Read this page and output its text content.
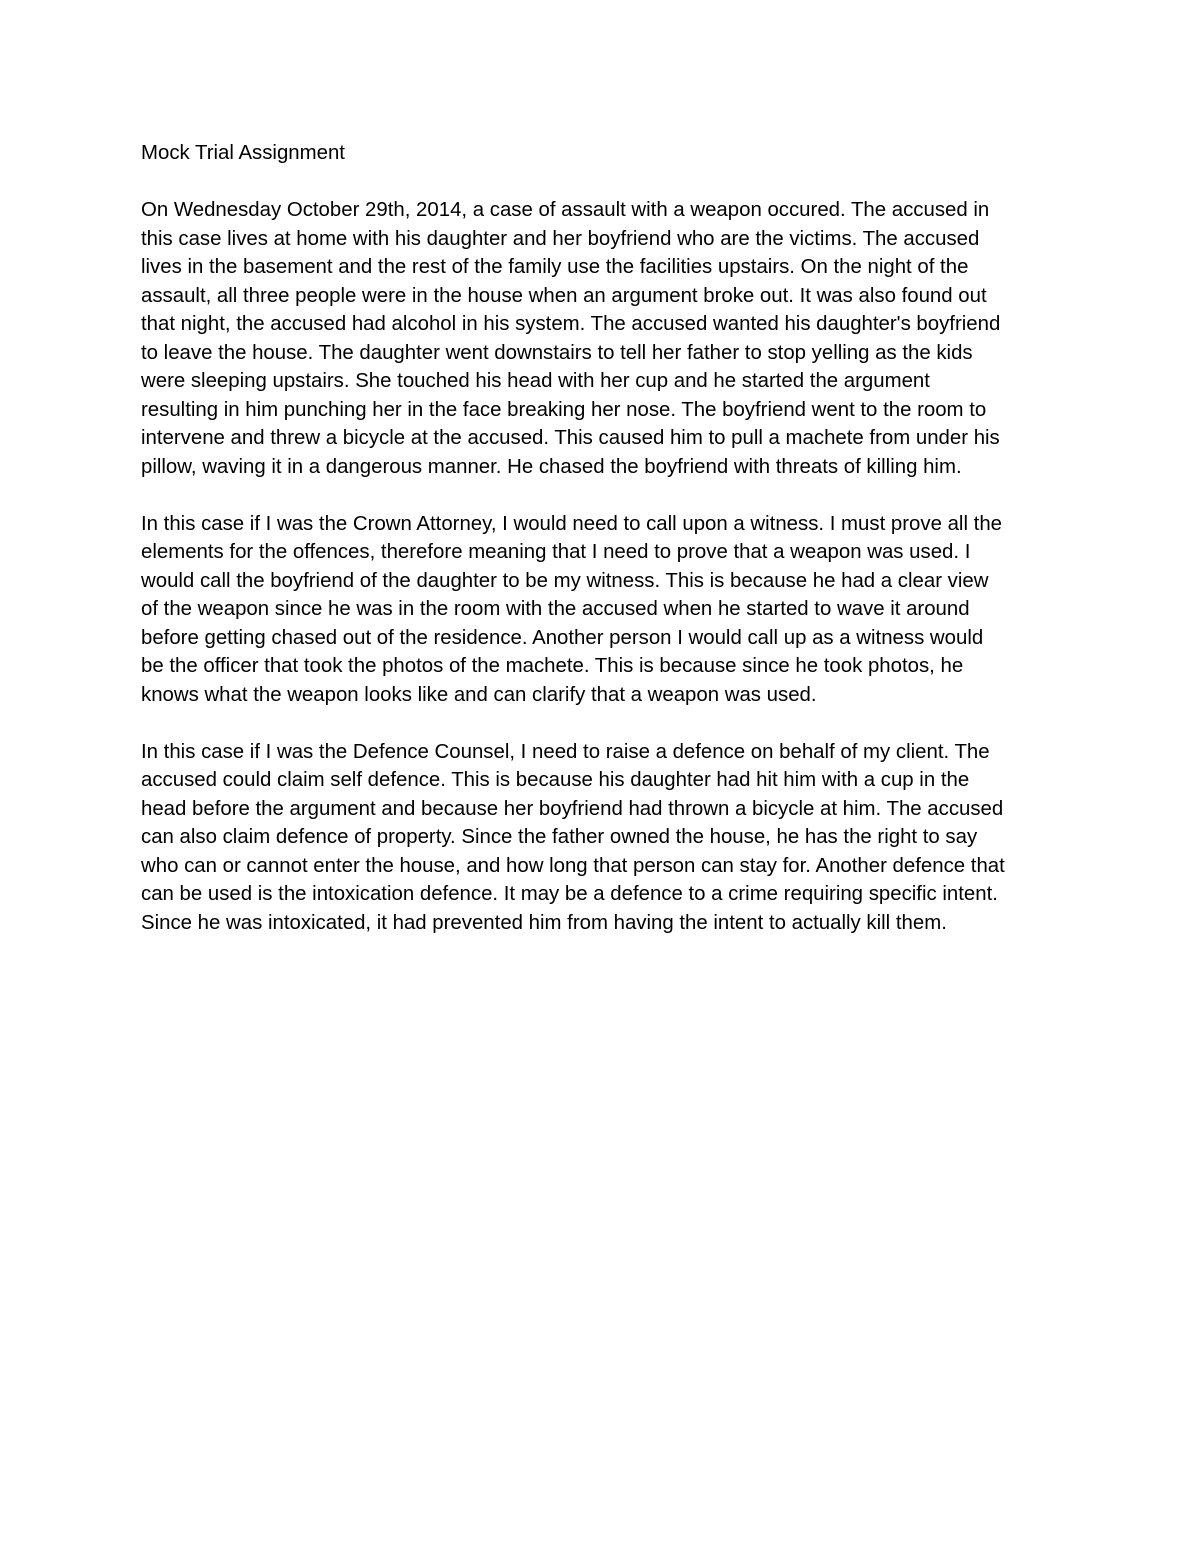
Mock Trial Assignment
On Wednesday October 29th, 2014, a case of assault with a weapon occured. The accused in
this case lives at home with his daughter and her boyfriend who are the victims. The accused
lives in the basement and the rest of the family use the facilities upstairs. On the night of the
assault, all three people were in the house when an argument broke out. It was also found out
that night, the accused had alcohol in his system. The accused wanted his daughter's boyfriend
to leave the house. The daughter went downstairs to tell her father to stop yelling as the kids
were sleeping upstairs. She touched his head with her cup and he started the argument
resulting in him punching her in the face breaking her nose. The boyfriend went to the room to
intervene and threw a bicycle at the accused. This caused him to pull a machete from under his
pillow, waving it in a dangerous manner. He chased the boyfriend with threats of killing him.
In this case if I was the Crown Attorney, I would need to call upon a witness. I must prove all the
elements for the offences, therefore meaning that I need to prove that a weapon was used. I
would call the boyfriend of the daughter to be my witness. This is because he had a clear view
of the weapon since he was in the room with the accused when he started to wave it around
before getting chased out of the residence. Another person I would call up as a witness would
be the officer that took the photos of the machete. This is because since he took photos, he
knows what the weapon looks like and can clarify that a weapon was used.
In this case if I was the Defence Counsel, I need to raise a defence on behalf of my client. The
accused could claim self defence. This is because his daughter had hit him with a cup in the
head before the argument and because her boyfriend had thrown a bicycle at him. The accused
can also claim defence of property. Since the father owned the house, he has the right to say
who can or cannot enter the house, and how long that person can stay for. Another defence that
can be used is the intoxication defence. It may be a defence to a crime requiring specific intent.
Since he was intoxicated, it had prevented him from having the intent to actually kill them.
